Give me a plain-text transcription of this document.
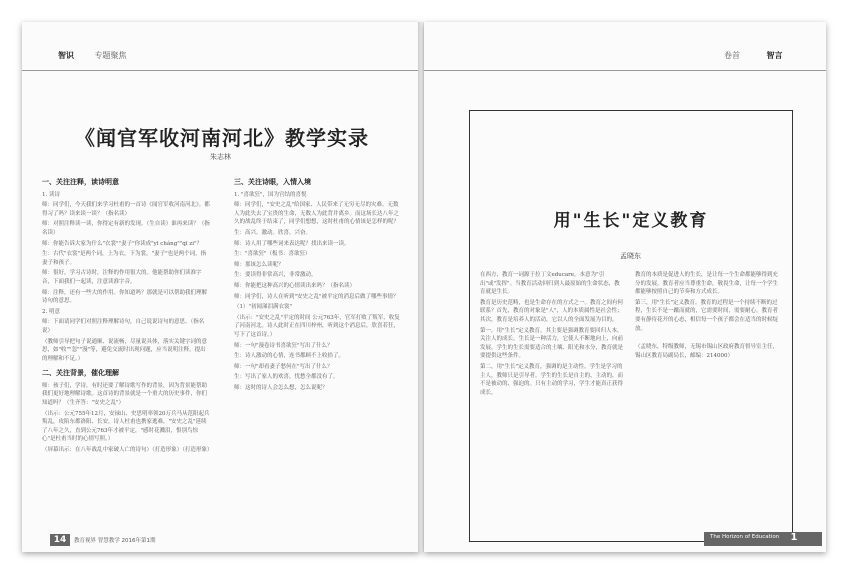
智识	专题聚焦
《闻官军收河南河北》教学实录
朱志林
一、关注注释，读诗明意

1. 读诗

师：同学们，今天我们来学习杜甫的一首诗《闻官军收河南河北》。都得习了吗？读来谈一谈？（指名读）

师：对照注释读一读，你得定有新的发现。（生自读）谁再来读？（指名读）

师：你能告诉大家为什么"衣裳""妻子"你读成"yī cháng""qī zi"？

生：古代"衣裳"是两个词，上为衣，下为裳。"妻子"也是两个词，指妻子和孩子。

师：很好，学习古诗时，注释的作用很大的。他能帮助你们读准字音，下面我们一起读，注意读准字音。

师：注释，还有一些大的作用。你知道吗？那就是可以帮助我们理解诗句的意思。

2. 明意

师：下面请同学们对照注释理解诗句，自己说说诗句的意思。（指名说）

（教师引导把句子说通顺、说流畅，尽量说具体，落实关键字词的意思，如"收""忽""漫"等，避免交流时出现问题，应当说明注释，提出的理解和不足。）

二、关注背景，催化理解

师：孩子们，学诗，有时还要了解诗歌写作的背景，因为背景能帮助我们更好地理解诗歌。这首诗的背景就是一个重大的历史事件，你们知道吗？（生齐答："安史之乱"）

（出示：公元755年12月，安禄山、史思明率领20万兵马从范阳起兵叛乱，攻陷东都洛阳、长安，诗人杜甫也携家逃难，"安史之乱"延续了八年之久，直到公元763年才被平定，"感时花溅泪，恨别鸟惊心"是杜甫当时的心情写照。）

（屏幕出示：在八年战乱中家破人亡的诗句）（打造形象）（打造形象）

三、关注诗眼，入情入境

1. "喜欲狂"，国为官结的喜悦

师：同学们，"安史之乱"给国家、人民带来了无穷无尽的灾难。无数人为此失去了宝贵的生命，无数人为此背井离乡。而这场长达八年之久的战乱终于结束了，同学们想想，这时杜甫的心情该是怎样的呢？

生：高兴。激动。欣喜。兴奋。

师：诗人用了哪些词来表达呢？找出来读一读。

生："喜欲狂"（板书：喜欲狂）

师：那该怎么读呢？

生：要读得非常高兴，非常激动。

师：你能把这种高兴的心情读出来吗？（指名读）

师：同学们，诗人在听到"安史之乱"被平定的消息后做了哪些事情？

（1）"初闻涕泪满衣裳"

（出示："安史之乱"平定的时间 公元763年，官军打败了叛军，收复了河南河北。诗人此时正在四川梓州，听到这个消息后，欣喜若狂，写下了这首诗。）

师：一句"漫卷诗书喜欲狂"写出了什么？

生：诗人激动的心情，连书都顾不上收拾了。

师：一句"却看妻子愁何在"写出了什么？

生：写出了家人的欢喜，忧愁全都没有了。

师：这时的诗人会怎么想，怎么说呢？

14	教育视界 智慧教学 2016年第1期
卷首	智言
用"生长"定义教育
孟晓东

在西方，教育一词源于拉丁文educare，本意为"引出"或"发挥"。当教育活动回归到人最原始的生命状态，教育就是生长。

教育是历史范畴，也是生命存在的方式之一。教育之间有何联系？首先，教育的对象是"人"，人的本质属性是社会性；其次，教育是培养人的活动，它以人的全面发展为目的。

第一，用"生长"定义教育。其主要是强调教育要回归人本，关注人的成长。生长是一种活力，它使人不断地向上，向前发展。学生的生长需要适合的土壤、阳光和水分，教育就是要提供这些条件。

第二，用"生长"定义教育，强调的是主动性。学生是学习的主人，教师只是引导者。学生的生长是自主的、主动的，而不是被动的、强迫的。只有主动的学习，学生才能真正获得成长。

教育的本质是促进人的生长，是让每一个生命都能够得到充分的发展。教育者应当尊重生命，敬畏生命，让每一个学生都能够按照自己的节奏和方式成长。

第三，用"生长"定义教育。教育的过程是一个持续不断的过程，生长不是一蹴而就的，它需要时间，需要耐心。教育者要有静待花开的心态，相信每一个孩子都会在适当的时候绽放。

（孟晓东，特级教师，无锡市锡山区政府教育督导室主任，锡山区教育局副局长，邮编：214000）

The Horizon of Education	1
